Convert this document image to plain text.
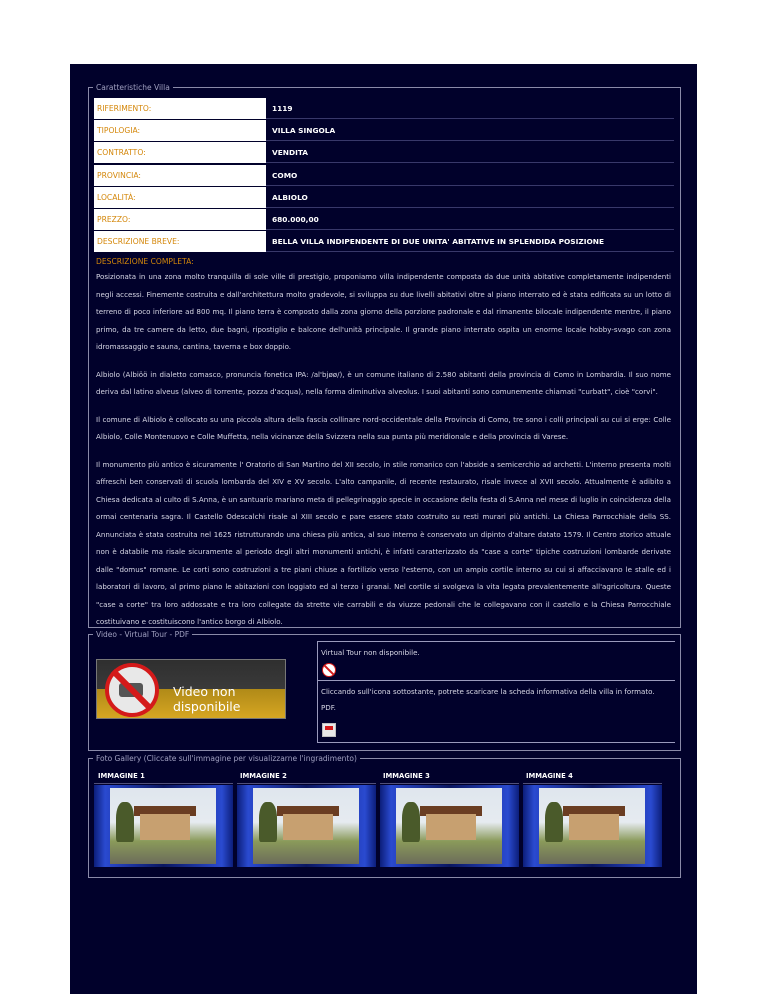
Caratteristiche Villa
RIFERIMENTO:	1119
TIPOLOGIA:	VILLA SINGOLA
CONTRATTO:	VENDITA
PROVINCIA:	COMO
LOCALITÀ:	ALBIOLO
PREZZO:	680.000,00
DESCRIZIONE BREVE:	BELLA VILLA INDIPENDENTE DI DUE UNITA' ABITATIVE IN SPLENDIDA POSIZIONE
DESCRIZIONE COMPLETA:

Posizionata in una zona molto tranquilla di sole ville di prestigio, proponiamo villa indipendente composta da due unità abitative completamente indipendenti negli accessi. Finemente costruita e dall'architettura molto gradevole, si sviluppa su due livelli abitativi oltre al piano interrato ed è stata edificata su un lotto di terreno di poco inferiore ad 800 mq. Il piano terra è composto dalla zona giorno della porzione padronale e dal rimanente bilocale indipendente mentre, il piano primo, da tre camere da letto, due bagni, ripostiglio e balcone dell'unità principale. Il grande piano interrato ospita un enorme locale hobby-svago con zona idromassaggio e sauna, cantina, taverna e box doppio.

Albiolo (Albiöö in dialetto comasco, pronuncia fonetica IPA: /al'bjøø/), è un comune italiano di 2.580 abitanti della provincia di Como in Lombardia. Il suo nome deriva dal latino alveus (alveo di torrente, pozza d'acqua), nella forma diminutiva alveolus. I suoi abitanti sono comunemente chiamati "curbatt", cioè "corvi".

Il comune di Albiolo è collocato su una piccola altura della fascia collinare nord-occidentale della Provincia di Como, tre sono i colli principali su cui si erge: Colle Albiolo, Colle Montenuovo e Colle Muffetta, nella vicinanze della Svizzera nella sua punta più meridionale e della provincia di Varese.

Il monumento più antico è sicuramente l' Oratorio di San Martino del XII secolo, in stile romanico con l'abside a semicerchio ad archetti. L'interno presenta molti affreschi ben conservati di scuola lombarda del XIV e XV secolo. L'alto campanile, di recente restaurato, risale invece al XVII secolo. Attualmente è adibito a Chiesa dedicata al culto di S.Anna, è un santuario mariano meta di pellegrinaggio specie in occasione della festa di S.Anna nel mese di luglio in coincidenza della ormai centenaria sagra. Il Castello Odescalchi risale al XIII secolo e pare essere stato costruito su resti murari più antichi. La Chiesa Parrocchiale della SS. Annunciata è stata costruita nel 1625 ristrutturando una chiesa più antica, al suo interno è conservato un dipinto d'altare datato 1579. Il Centro storico attuale non è databile ma risale sicuramente al periodo degli altri monumenti antichi, è infatti caratterizzato da "case a corte" tipiche costruzioni lombarde derivate dalle "domus" romane. Le corti sono costruzioni a tre piani chiuse a fortilizio verso l'esterno, con un ampio cortile interno su cui si affacciavano le stalle ed i laboratori di lavoro, al primo piano le abitazioni con loggiato ed al terzo i granai. Nel cortile si svolgeva la vita legata prevalentemente all'agricoltura. Queste "case a corte" tra loro addossate e tra loro collegate da strette vie carrabili e da viuzze pedonali che le collegavano con il castello e la Chiesa Parrocchiale costituivano e costituiscono l'antico borgo di Albiolo.

Video - Virtual Tour - PDF
Video non disponibile
Virtual Tour non disponibile.
Cliccando sull'icona sottostante, potrete scaricare la scheda informativa della villa in formato. PDF.
Foto Gallery (Cliccate sull'immagine per visualizzarne l'ingradimento)
IMMAGINE 1	IMMAGINE 2	IMMAGINE 3	IMMAGINE 4
